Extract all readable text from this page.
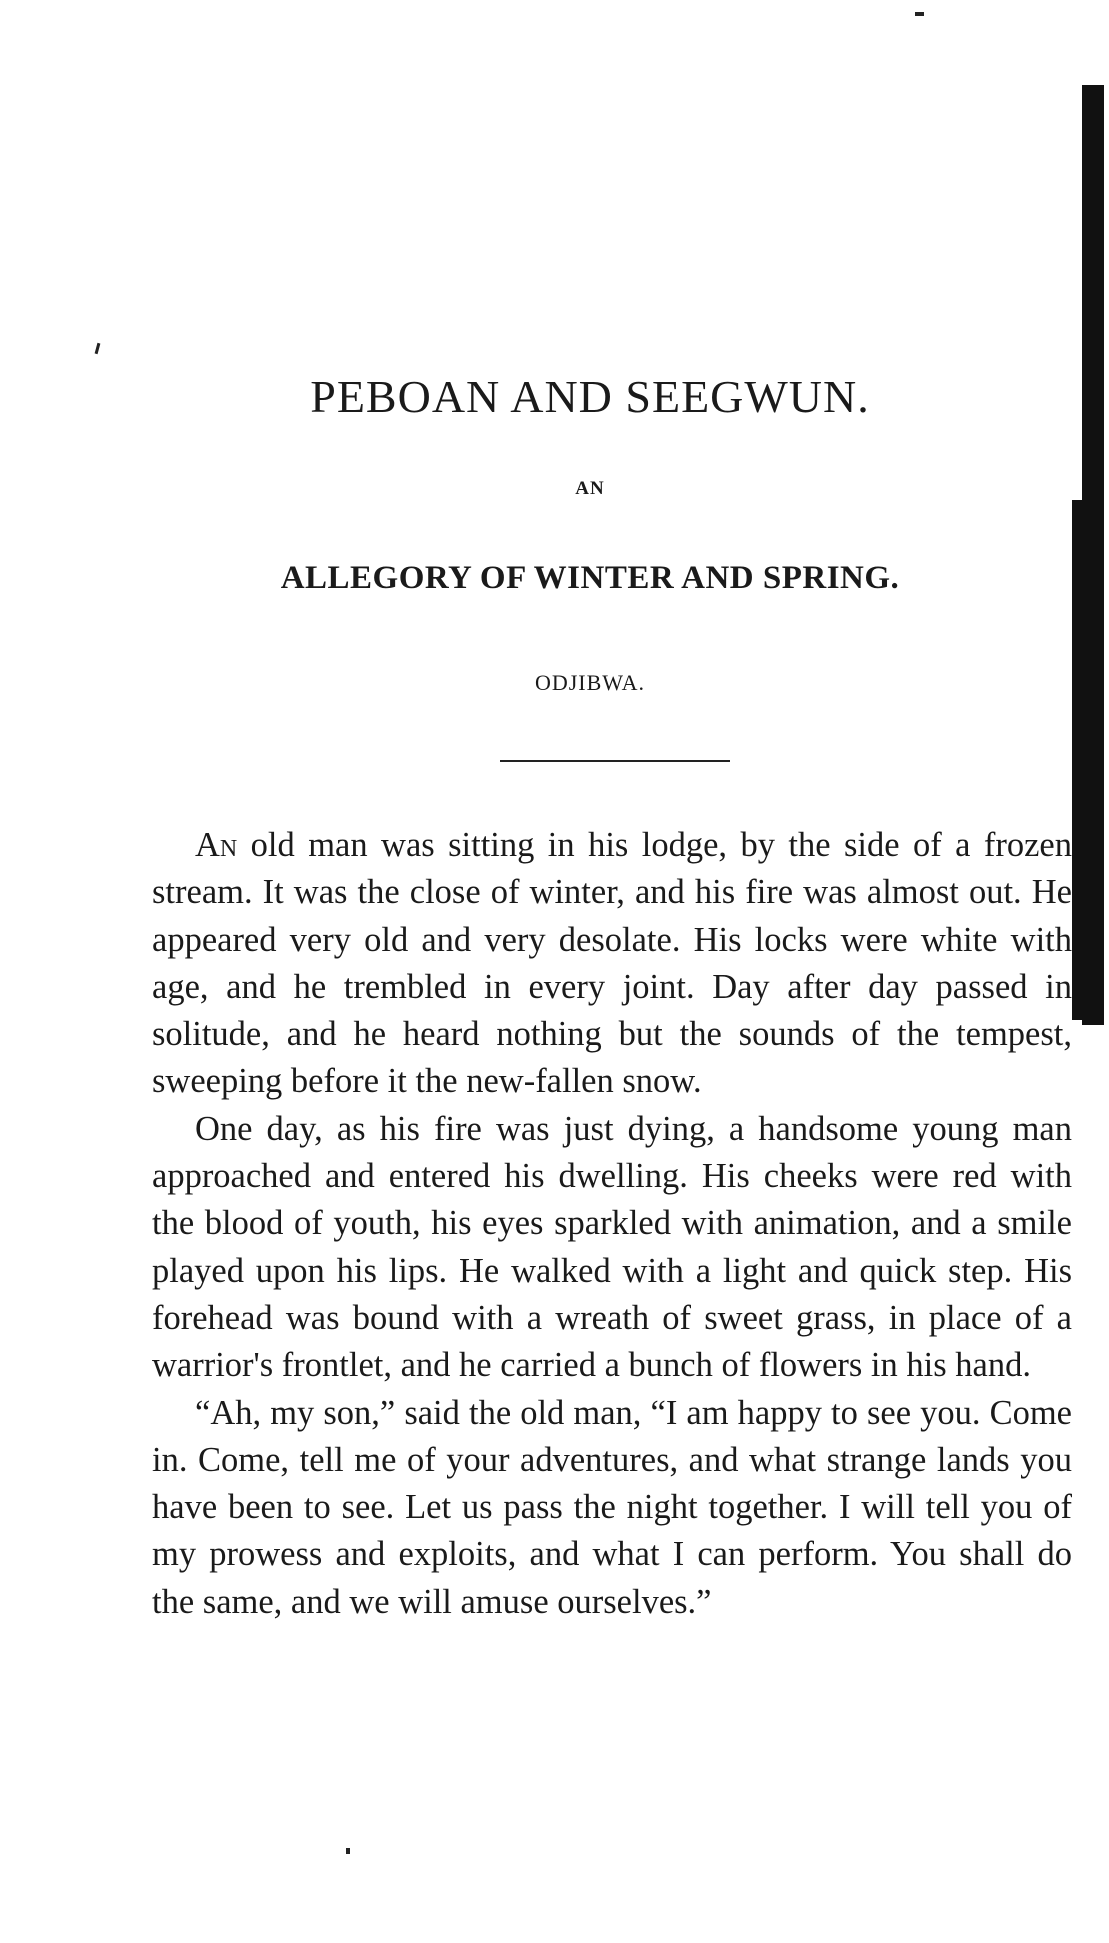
PEBOAN AND SEEGWUN.
AN
ALLEGORY OF WINTER AND SPRING.
ODJIBWA.

An old man was sitting in his lodge, by the side of a frozen stream. It was the close of winter, and his fire was almost out. He appeared very old and very desolate. His locks were white with age, and he trembled in every joint. Day after day passed in solitude, and he heard nothing but the sounds of the tempest, sweeping before it the new-fallen snow.

One day, as his fire was just dying, a handsome young man approached and entered his dwelling. His cheeks were red with the blood of youth, his eyes sparkled with animation, and a smile played upon his lips. He walked with a light and quick step. His forehead was bound with a wreath of sweet grass, in place of a warrior's frontlet, and he carried a bunch of flowers in his hand.

“Ah, my son,” said the old man, “I am happy to see you. Come in. Come, tell me of your adventures, and what strange lands you have been to see. Let us pass the night together. I will tell you of my prowess and exploits, and what I can perform. You shall do the same, and we will amuse ourselves.”
